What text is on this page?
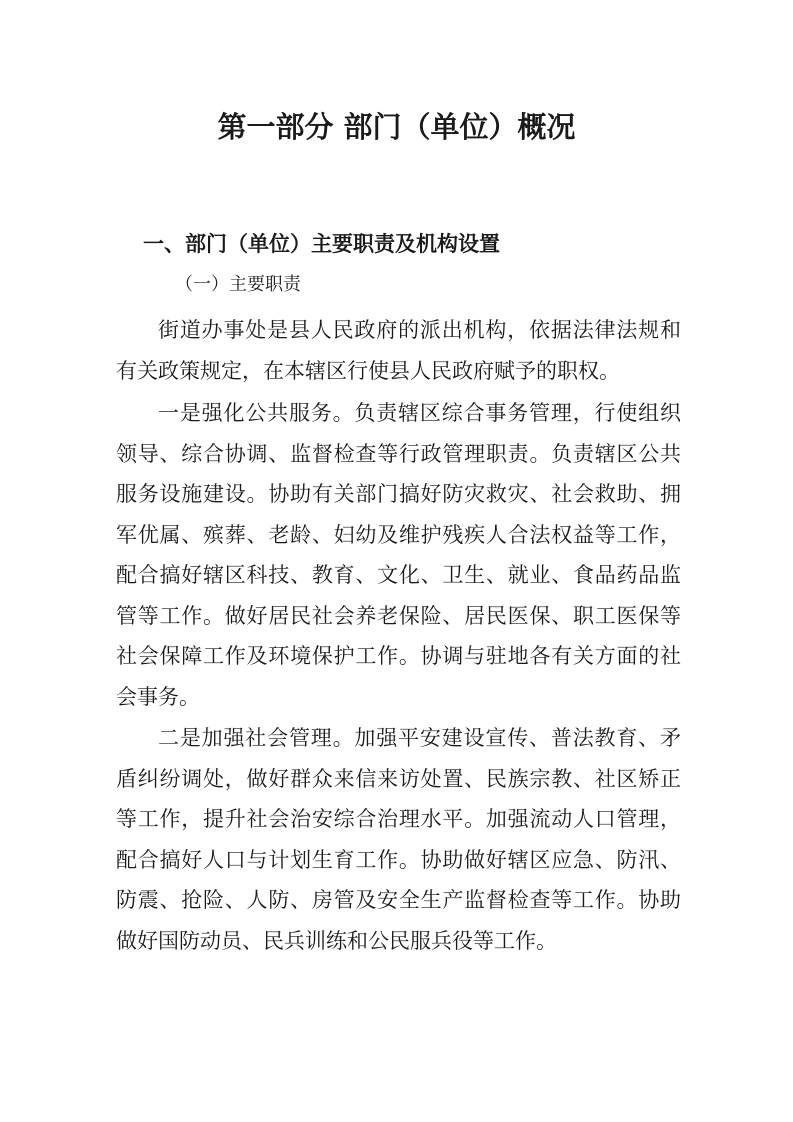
第一部分 部门（单位）概况
一、部门（单位）主要职责及机构设置
（一）主要职责

街道办事处是县人民政府的派出机构，依据法律法规和有关政策规定，在本辖区行使县人民政府赋予的职权。

一是强化公共服务。负责辖区综合事务管理，行使组织领导、综合协调、监督检查等行政管理职责。负责辖区公共服务设施建设。协助有关部门搞好防灾救灾、社会救助、拥军优属、殡葬、老龄、妇幼及维护残疾人合法权益等工作，配合搞好辖区科技、教育、文化、卫生、就业、食品药品监管等工作。做好居民社会养老保险、居民医保、职工医保等社会保障工作及环境保护工作。协调与驻地各有关方面的社会事务。

二是加强社会管理。加强平安建设宣传、普法教育、矛盾纠纷调处，做好群众来信来访处置、民族宗教、社区矫正等工作，提升社会治安综合治理水平。加强流动人口管理，配合搞好人口与计划生育工作。协助做好辖区应急、防汛、防震、抢险、人防、房管及安全生产监督检查等工作。协助做好国防动员、民兵训练和公民服兵役等工作。
